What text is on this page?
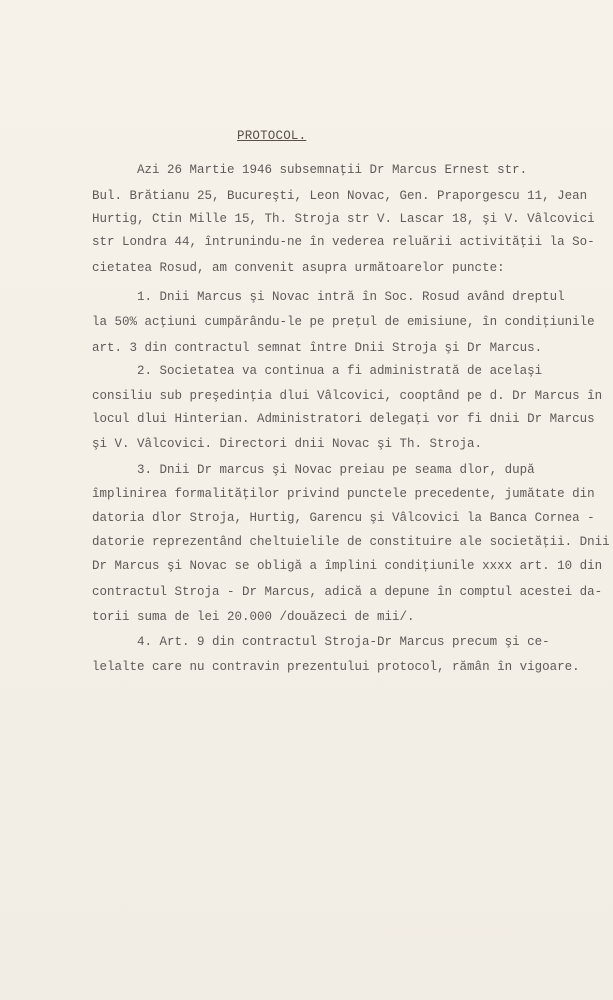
PROTOCOL.
Azi 26 Martie 1946 subsemnaţii Dr Marcus Ernest str.
Bul. Brătianu 25, Bucureşti, Leon Novac, Gen. Praporgescu 11, Jean
Hurtig, Ctin Mille 15, Th. Stroja str V. Lascar 18, şi V. Vâlcovici
str Londra 44, întrunindu-ne în vederea reluării activităţii la So-
cietatea Rosud, am convenit asupra următoarelor puncte:
1. Dnii Marcus şi Novac intră în Soc. Rosud având dreptul
la 50% acţiuni cumpărându-le pe preţul de emisiune, în condiţiunile
art. 3 din contractul semnat între Dnii Stroja şi Dr Marcus.
2. Societatea va continua a fi administrată de acelaşi
consiliu sub preşedinţia dlui Vâlcovici, cooptând pe d. Dr Marcus în
locul dlui Hinterian. Administratori delegaţi vor fi dnii Dr Marcus
şi V. Vâlcovici. Directori dnii Novac şi Th. Stroja.
3. Dnii Dr marcus şi Novac preiau pe seama dlor, după
împlinirea formalităţilor privind punctele precedente, jumătate din
datoria dlor Stroja, Hurtig, Garencu şi Vâlcovici la Banca Cornea -
datorie reprezentând cheltuielile de constituire ale societăţii. Dnii
Dr Marcus şi Novac se obligă a împlini condiţiunile xxxx art. 10 din
contractul Stroja - Dr Marcus, adică a depune în comptul acestei da-
torii suma de lei 20.000 /douăzeci de mii/.
4. Art. 9 din contractul Stroja-Dr Marcus precum şi ce-
lelalte care nu contravin prezentului protocol, rămân în vigoare.
